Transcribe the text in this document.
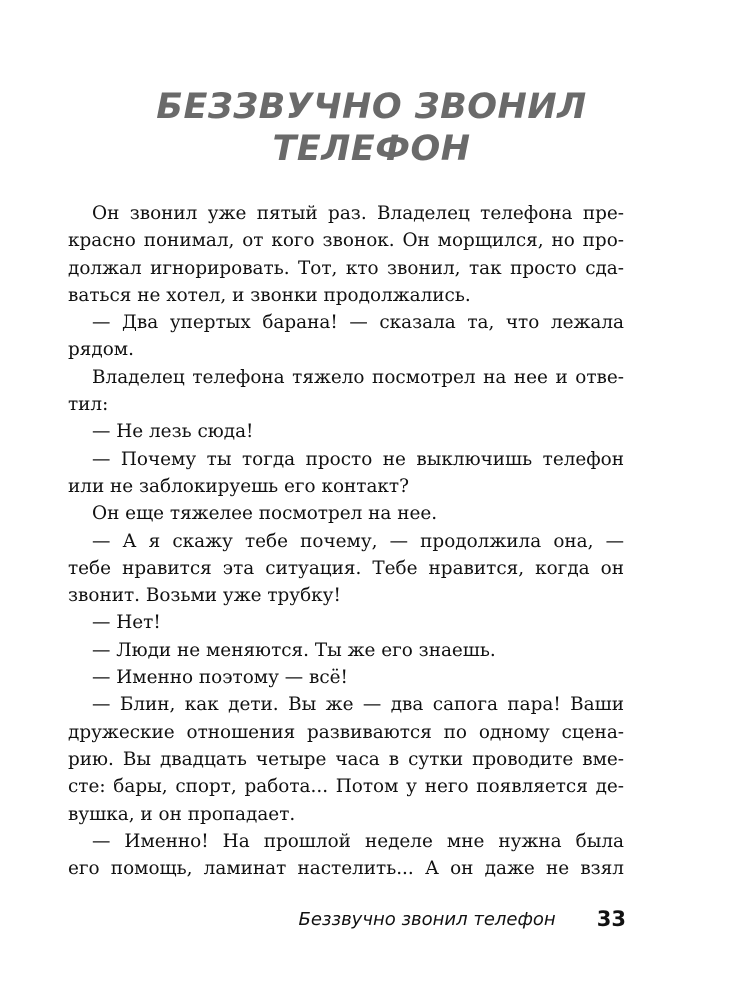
БЕЗЗВУЧНО ЗВОНИЛ
ТЕЛЕФОН
Он звонил уже пятый раз. Владелец телефона пре-
красно понимал, от кого звонок. Он морщился, но про-
должал игнорировать. Тот, кто звонил, так просто сда-
ваться не хотел, и звонки продолжались.
— Два упертых барана! — сказала та, что лежала
рядом.
Владелец телефона тяжело посмотрел на нее и отве-
тил:
— Не лезь сюда!
— Почему ты тогда просто не выключишь телефон
или не заблокируешь его контакт?
Он еще тяжелее посмотрел на нее.
— А я скажу тебе почему, — продолжила она, —
тебе нравится эта ситуация. Тебе нравится, когда он
звонит. Возьми уже трубку!
— Нет!
— Люди не меняются. Ты же его знаешь.
— Именно поэтому — всё!
— Блин, как дети. Вы же — два сапога пара! Ваши
дружеские отношения развиваются по одному сцена-
рию. Вы двадцать четыре часа в сутки проводите вме-
сте: бары, спорт, работа... Потом у него появляется де-
вушка, и он пропадает.
— Именно! На прошлой неделе мне нужна была
его помощь, ламинат настелить... А он даже не взял
Беззвучно звонил телефон 33
